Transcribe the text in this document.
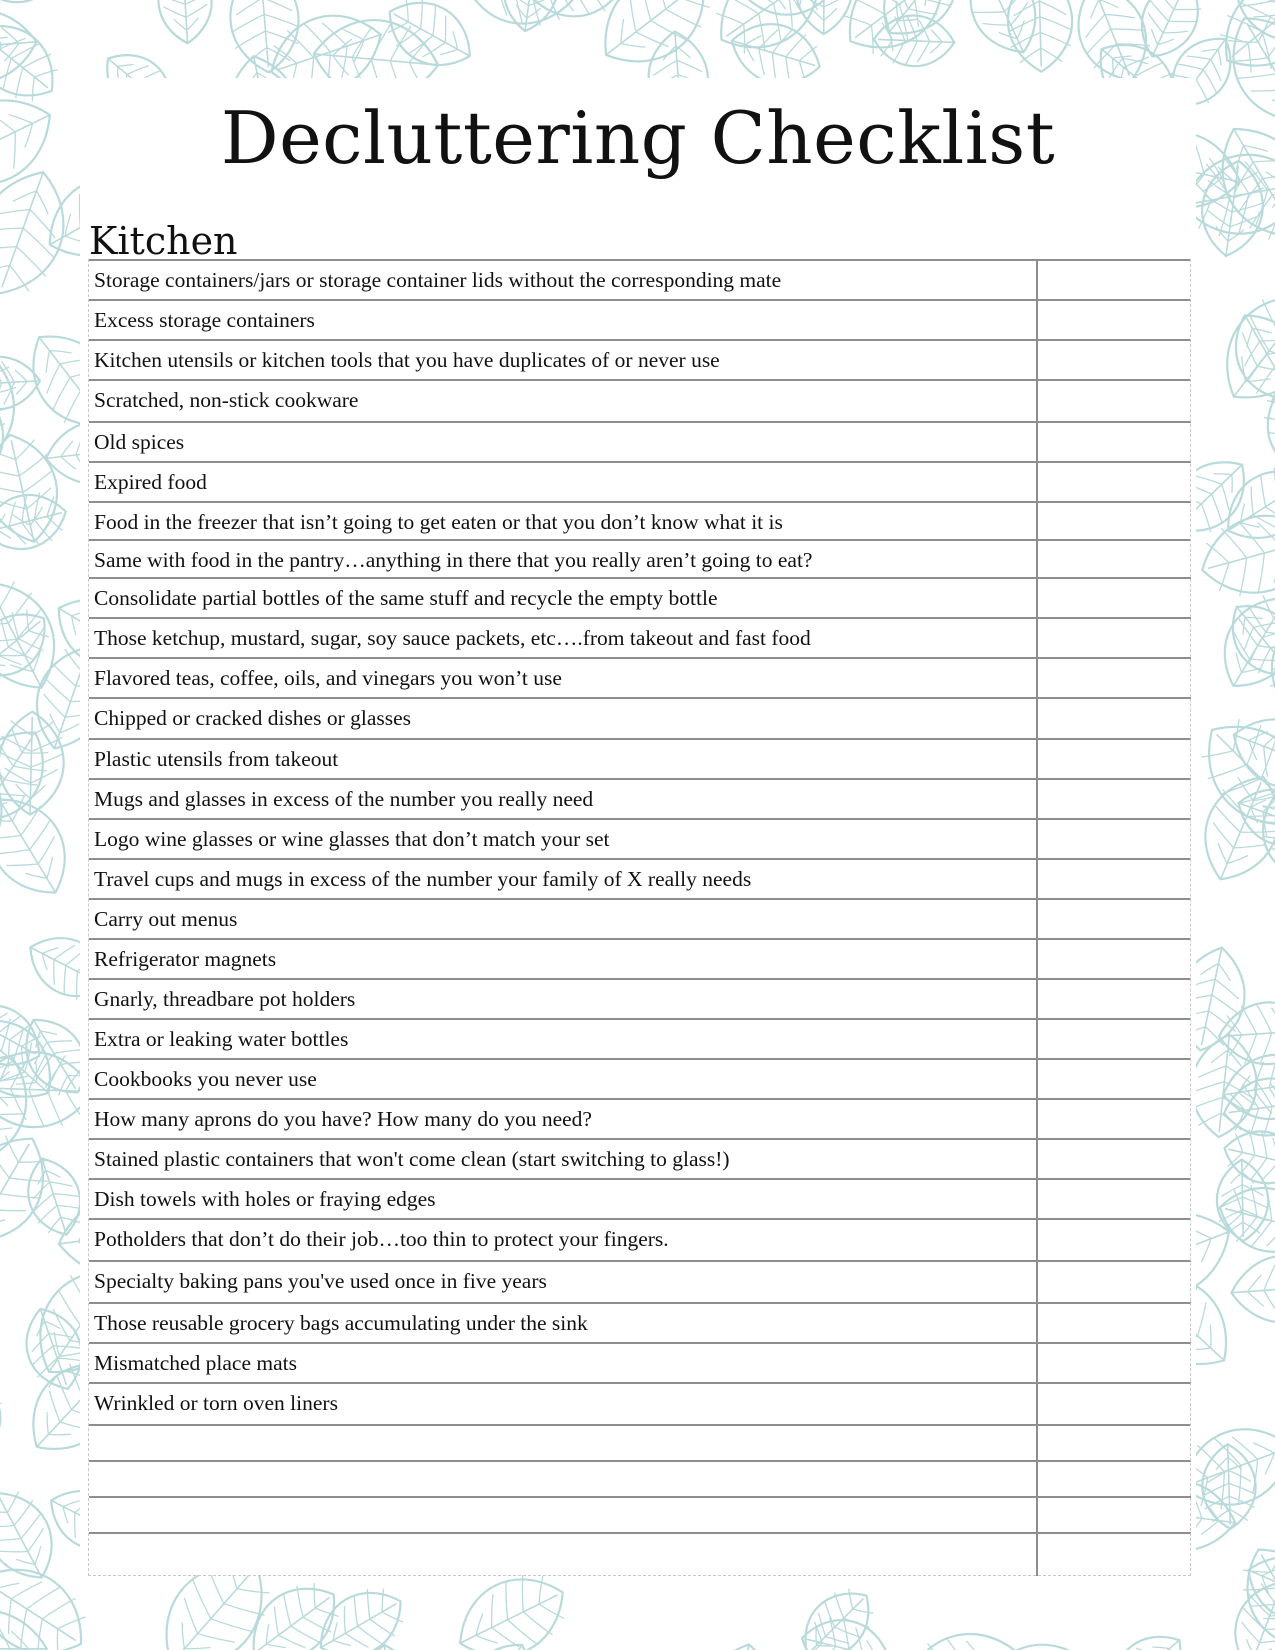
Decluttering Checklist
Kitchen
Storage containers/jars or storage container lids without the corresponding mate
Excess storage containers
Kitchen utensils or kitchen tools that you have duplicates of or never use
Scratched, non-stick cookware
Old spices
Expired food
Food in the freezer that isn’t going to get eaten or that you don’t know what it is
Same with food in the pantry…anything in there that you really aren’t going to eat?
Consolidate partial bottles of the same stuff and recycle the empty bottle
Those ketchup, mustard, sugar, soy sauce packets, etc….from takeout and fast food
Flavored teas, coffee, oils, and vinegars you won’t use
Chipped or cracked dishes or glasses
Plastic utensils from takeout
Mugs and glasses in excess of the number you really need
Logo wine glasses or wine glasses that don’t match your set
Travel cups and mugs in excess of the number your family of X really needs
Carry out menus
Refrigerator magnets
Gnarly, threadbare pot holders
Extra or leaking water bottles
Cookbooks you never use
How many aprons do you have? How many do you need?
Stained plastic containers that won't come clean (start switching to glass!)
Dish towels with holes or fraying edges
Potholders that don’t do their job…too thin to protect your fingers.
Specialty baking pans you've used once in five years
Those reusable grocery bags accumulating under the sink
Mismatched place mats
Wrinkled or torn oven liners
